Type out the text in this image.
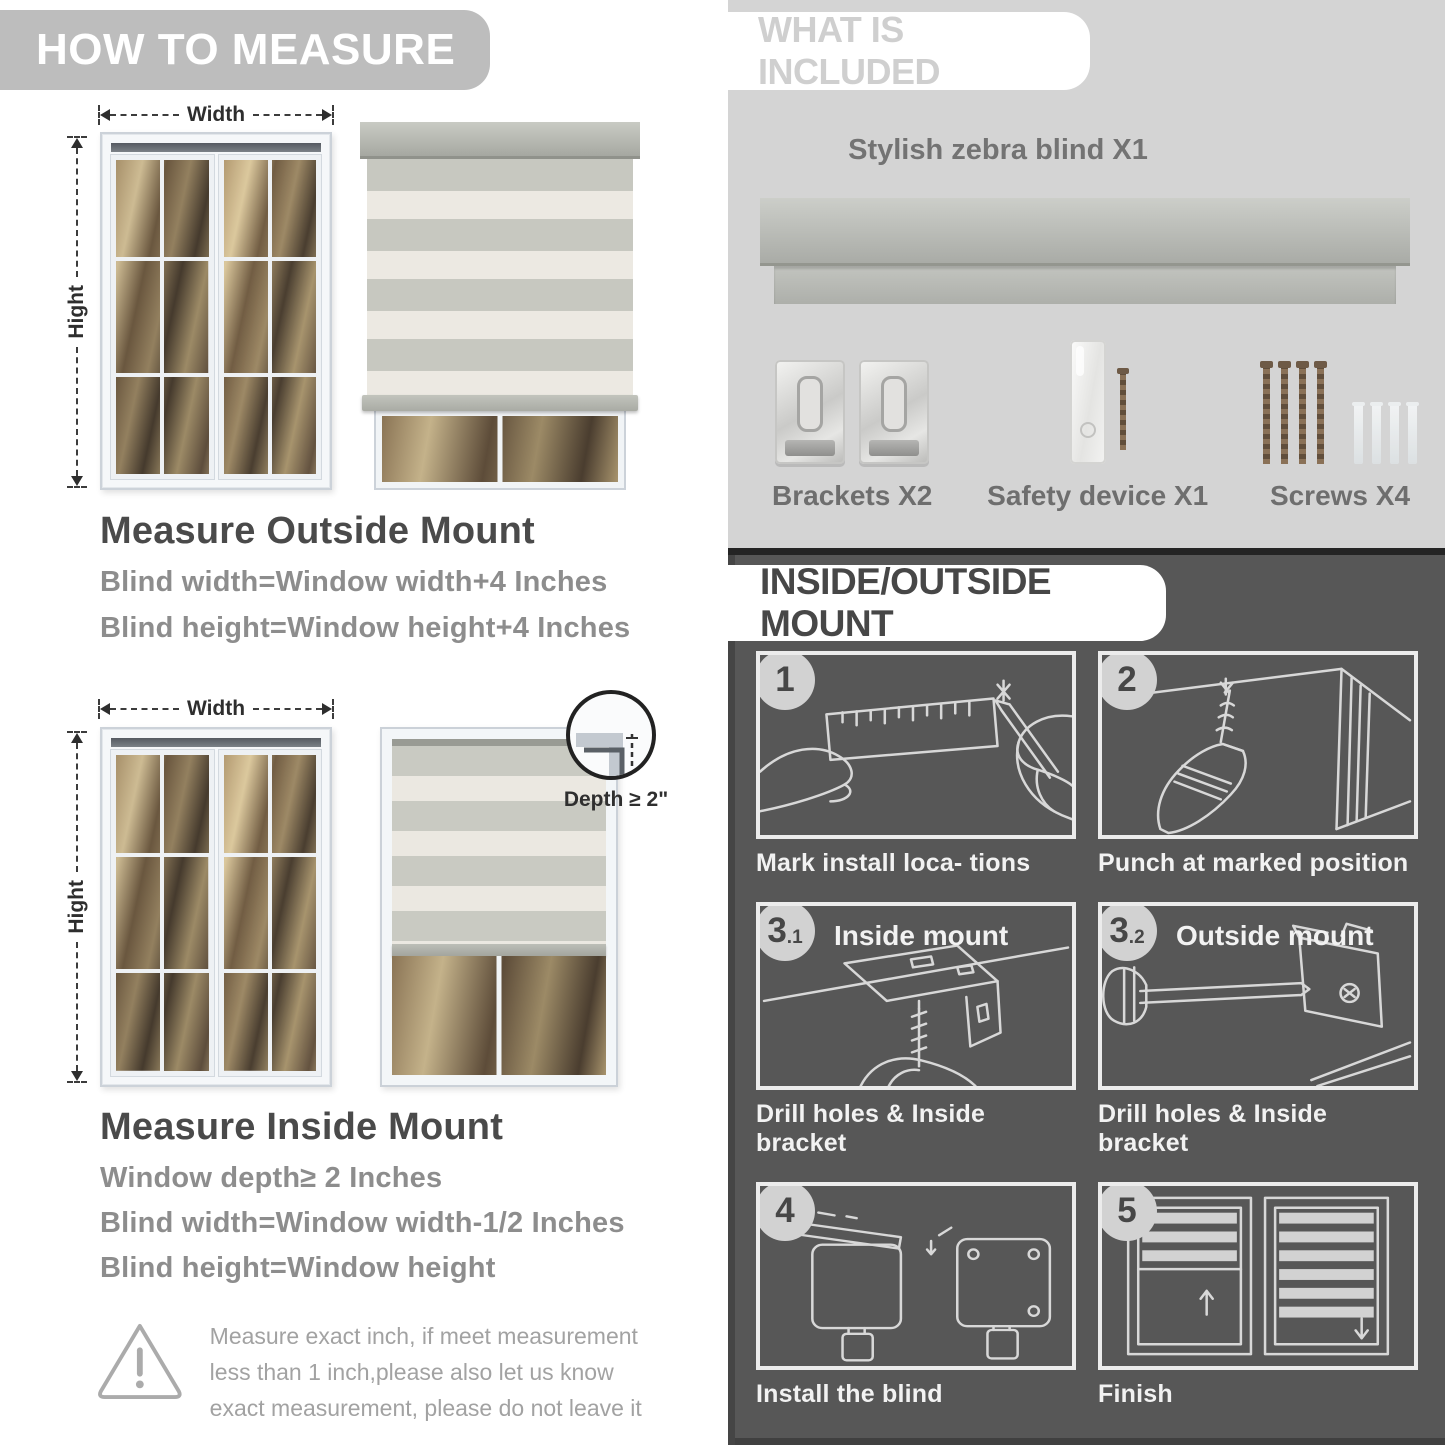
HOW TO MEASURE
Width
Hight
Measure Outside Mount
Blind width=Window width+4 Inches
Blind height=Window height+4 Inches
Width
Hight
Depth ≥ 2"
Measure Inside Mount
Window depth≥ 2 Inches
Blind width=Window width-1/2 Inches
Blind height=Window height
Measure exact inch, if meet measurement less than 1 inch,please also let us know exact measurement, please do not leave it
WHAT IS INCLUDED
Stylish zebra blind X1
Brackets X2 Safety device X1 Screws X4
INSIDE/OUTSIDE MOUNT
1
Mark install loca- tions
2
Punch at marked position
3 .1 Inside mount
Drill holes & Inside bracket
3 .2 Outside mount
Drill holes & Inside bracket
4
Install the blind
5
Finish
